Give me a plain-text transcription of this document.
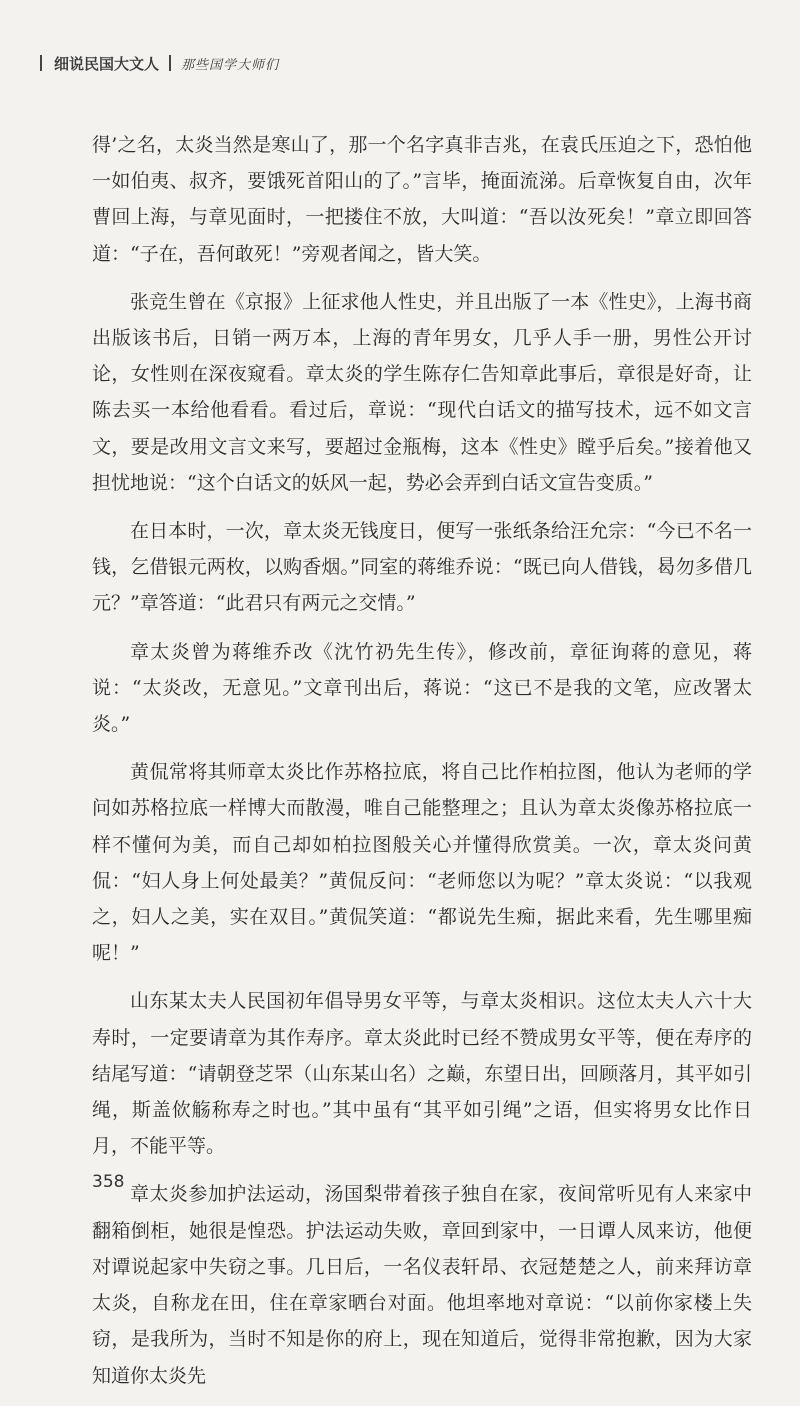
细说民国大文人 那些国学大师们

得’之名，太炎当然是寒山了，那一个名字真非吉兆，在袁氏压迫之下，恐怕他一如伯夷、叔齐，要饿死首阳山的了。”言毕，掩面流涕。后章恢复自由，次年曹回上海，与章见面时，一把搂住不放，大叫道：“吾以汝死矣！”章立即回答道：“子在，吾何敢死！”旁观者闻之，皆大笑。

张竞生曾在《京报》上征求他人性史，并且出版了一本《性史》，上海书商出版该书后，日销一两万本，上海的青年男女，几乎人手一册，男性公开讨论，女性则在深夜窥看。章太炎的学生陈存仁告知章此事后，章很是好奇，让陈去买一本给他看看。看过后，章说：“现代白话文的描写技术，远不如文言文，要是改用文言文来写，要超过金瓶梅，这本《性史》瞠乎后矣。”接着他又担忧地说：“这个白话文的妖风一起，势必会弄到白话文宣告变质。”

在日本时，一次，章太炎无钱度日，便写一张纸条给汪允宗：“今已不名一钱，乞借银元两枚，以购香烟。”同室的蒋维乔说：“既已向人借钱，曷勿多借几元？”章答道：“此君只有两元之交情。”

章太炎曾为蒋维乔改《沈竹礽先生传》，修改前，章征询蒋的意见，蒋说：“太炎改，无意见。”文章刊出后，蒋说：“这已不是我的文笔，应改署太炎。”

黄侃常将其师章太炎比作苏格拉底，将自己比作柏拉图，他认为老师的学问如苏格拉底一样博大而散漫，唯自己能整理之；且认为章太炎像苏格拉底一样不懂何为美，而自己却如柏拉图般关心并懂得欣赏美。一次，章太炎问黄侃：“妇人身上何处最美？”黄侃反问：“老师您以为呢？”章太炎说：“以我观之，妇人之美，实在双目。”黄侃笑道：“都说先生痴，据此来看，先生哪里痴呢！”

山东某太夫人民国初年倡导男女平等，与章太炎相识。这位太夫人六十大寿时，一定要请章为其作寿序。章太炎此时已经不赞成男女平等，便在寿序的结尾写道：“请朝登芝罘（山东某山名）之巅，东望日出，回顾落月，其平如引绳，斯盖佽觞称寿之时也。”其中虽有“其平如引绳”之语，但实将男女比作日月，不能平等。

章太炎参加护法运动，汤国梨带着孩子独自在家，夜间常听见有人来家中翻箱倒柜，她很是惶恐。护法运动失败，章回到家中，一日谭人凤来访，他便对谭说起家中失窃之事。几日后，一名仪表轩昂、衣冠楚楚之人，前来拜访章太炎，自称龙在田，住在章家晒台对面。他坦率地对章说：“以前你家楼上失窃，是我所为，当时不知是你的府上，现在知道后，觉得非常抱歉，因为大家知道你太炎先

358
